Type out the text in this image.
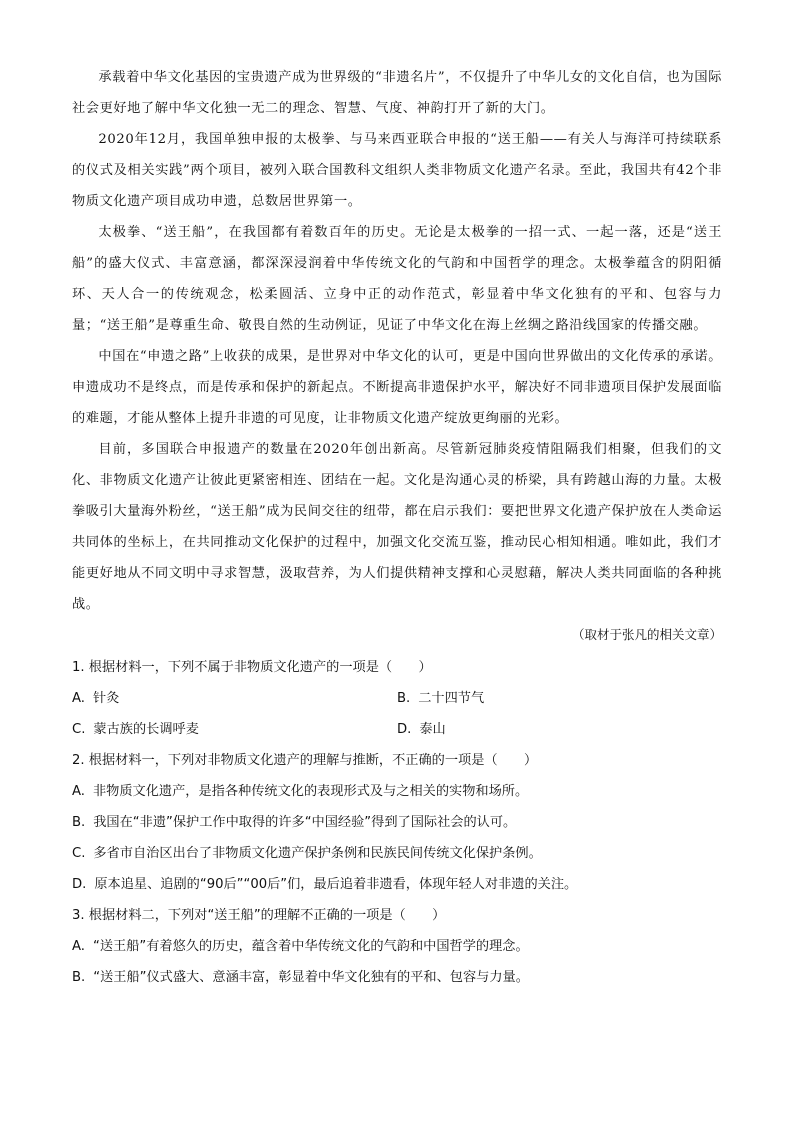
承载着中华文化基因的宝贵遗产成为世界级的“非遗名片”，不仅提升了中华儿女的文化自信，也为国际社会更好地了解中华文化独一无二的理念、智慧、气度、神韵打开了新的大门。

2020年12月，我国单独申报的太极拳、与马来西亚联合申报的“送王船——有关人与海洋可持续联系的仪式及相关实践”两个项目，被列入联合国教科文组织人类非物质文化遗产名录。至此，我国共有42个非物质文化遗产项目成功申遗，总数居世界第一。

太极拳、“送王船”，在我国都有着数百年的历史。无论是太极拳的一招一式、一起一落，还是“送王船”的盛大仪式、丰富意涵，都深深浸润着中华传统文化的气韵和中国哲学的理念。太极拳蕴含的阴阳循环、天人合一的传统观念，松柔圆活、立身中正的动作范式，彰显着中华文化独有的平和、包容与力量；“送王船”是尊重生命、敬畏自然的生动例证，见证了中华文化在海上丝绸之路沿线国家的传播交融。

中国在“申遗之路”上收获的成果，是世界对中华文化的认可，更是中国向世界做出的文化传承的承诺。申遗成功不是终点，而是传承和保护的新起点。不断提高非遗保护水平，解决好不同非遗项目保护发展面临的难题，才能从整体上提升非遗的可见度，让非物质文化遗产绽放更绚丽的光彩。

目前，多国联合申报遗产的数量在2020年创出新高。尽管新冠肺炎疫情阻隔我们相聚，但我们的文化、非物质文化遗产让彼此更紧密相连、团结在一起。文化是沟通心灵的桥梁，具有跨越山海的力量。太极拳吸引大量海外粉丝，“送王船”成为民间交往的纽带，都在启示我们：要把世界文化遗产保护放在人类命运共同体的坐标上，在共同推动文化保护的过程中，加强文化交流互鉴，推动民心相知相通。唯如此，我们才能更好地从不同文明中寻求智慧，汲取营养，为人们提供精神支撑和心灵慰藉，解决人类共同面临的各种挑战。

（取材于张凡的相关文章）

1. 根据材料一，下列不属于非物质文化遗产的一项是（　　）

A. 针灸	B. 二十四节气
C. 蒙古族的长调呼麦	D. 泰山

2. 根据材料一，下列对非物质文化遗产的理解与推断，不正确的一项是（　　）

A. 非物质文化遗产，是指各种传统文化的表现形式及与之相关的实物和场所。

B. 我国在“非遗”保护工作中取得的许多“中国经验”得到了国际社会的认可。

C. 多省市自治区出台了非物质文化遗产保护条例和民族民间传统文化保护条例。

D. 原本追星、追剧的“90后”“00后”们，最后追着非遗看，体现年轻人对非遗的关注。

3. 根据材料二，下列对“送王船”的理解不正确的一项是（　　）

A. “送王船”有着悠久的历史，蕴含着中华传统文化的气韵和中国哲学的理念。

B. “送王船”仪式盛大、意涵丰富，彰显着中华文化独有的平和、包容与力量。
